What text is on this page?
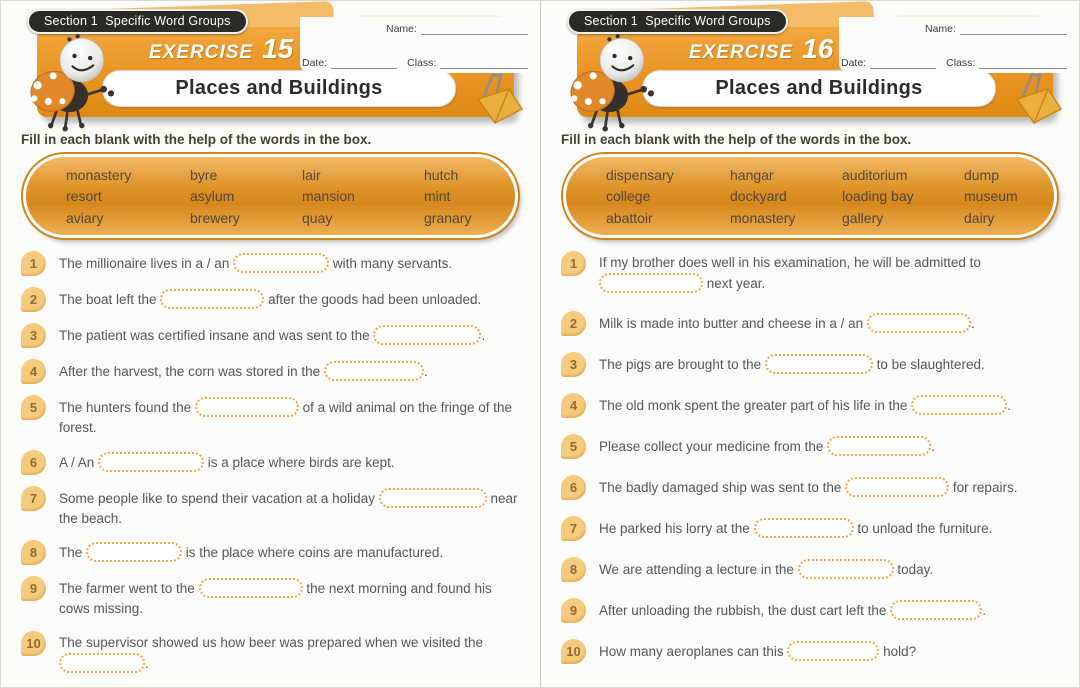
EXERCISE 15
Places and Buildings
Name:
Date:	Class:
Section 1  Specific Word Groups
Fill in each blank with the help of the words in the box.
monastery	byre	lair	hutch
resort	asylum	mansion	mint
aviary	brewery	quay	granary
1	The millionaire lives in a / an	with many servants.
2	The boat left the	after the goods had been unloaded.
3	The patient was certified insane and was sent to the	.
4	After the harvest, the corn was stored in the	.
5	The hunters found the	of a wild animal on the fringe of the forest.
6	A / An	is a place where birds are kept.
7	Some people like to spend their vacation at a holiday	near the beach.
8	The	is the place where coins are manufactured.
9	The farmer went to the	the next morning and found his cows missing.
10	The supervisor showed us how beer was prepared when we visited the .
EXERCISE 16
Places and Buildings
Name:
Date:	Class:
Section 1  Specific Word Groups
Fill in each blank with the help of the words in the box.
dispensary	hangar	auditorium	dump
college	dockyard	loading bay	museum
abattoir	monastery	gallery	dairy
1	If my brother does well in his examination, he will be admitted to  next year.
2	Milk is made into butter and cheese in a / an	.
3	The pigs are brought to the	to be slaughtered.
4	The old monk spent the greater part of his life in the	.
5	Please collect your medicine from the	.
6	The badly damaged ship was sent to the	for repairs.
7	He parked his lorry at the	to unload the furniture.
8	We are attending a lecture in the	today.
9	After unloading the rubbish, the dust cart left the	.
10	How many aeroplanes can this	hold?
